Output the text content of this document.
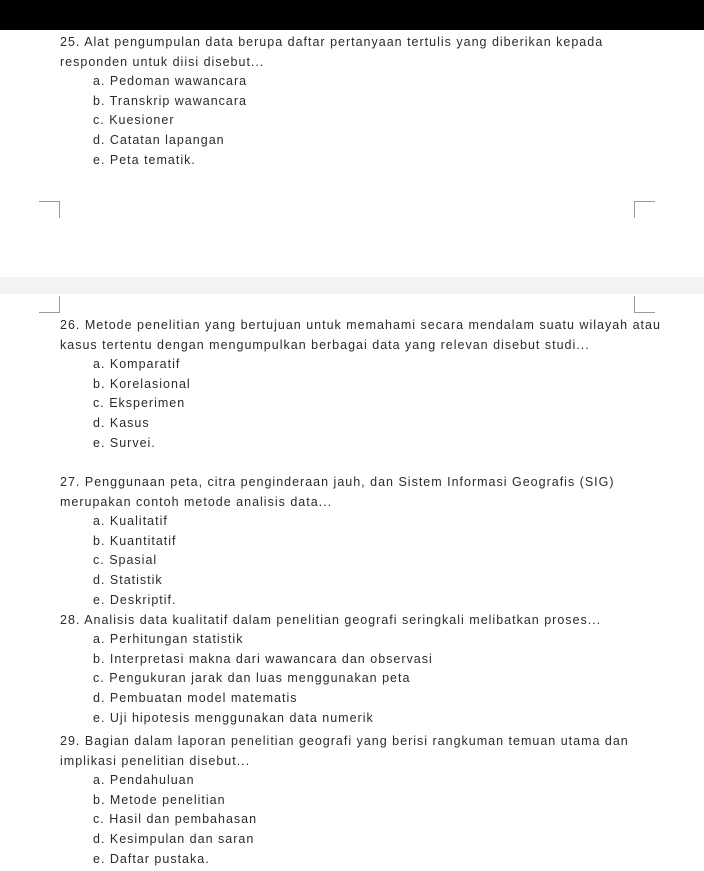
25. Alat pengumpulan data berupa daftar pertanyaan tertulis yang diberikan kepada responden untuk diisi disebut...

a. Pedoman wawancara

b. Transkrip wawancara

c. Kuesioner

d. Catatan lapangan

e. Peta tematik.

26. Metode penelitian yang bertujuan untuk memahami secara mendalam suatu wilayah atau kasus tertentu dengan mengumpulkan berbagai data yang relevan disebut studi...

a. Komparatif

b. Korelasional

c. Eksperimen

d. Kasus

e. Survei.

27. Penggunaan peta, citra penginderaan jauh, dan Sistem Informasi Geografis (SIG) merupakan contoh metode analisis data...

a. Kualitatif

b. Kuantitatif

c. Spasial

d. Statistik

e. Deskriptif.

28. Analisis data kualitatif dalam penelitian geografi seringkali melibatkan proses...

a. Perhitungan statistik

b. Interpretasi makna dari wawancara dan observasi

c. Pengukuran jarak dan luas menggunakan peta

d. Pembuatan model matematis

e. Uji hipotesis menggunakan data numerik

29. Bagian dalam laporan penelitian geografi yang berisi rangkuman temuan utama dan implikasi penelitian disebut...

a. Pendahuluan

b. Metode penelitian

c. Hasil dan pembahasan

d. Kesimpulan dan saran

e. Daftar pustaka.
